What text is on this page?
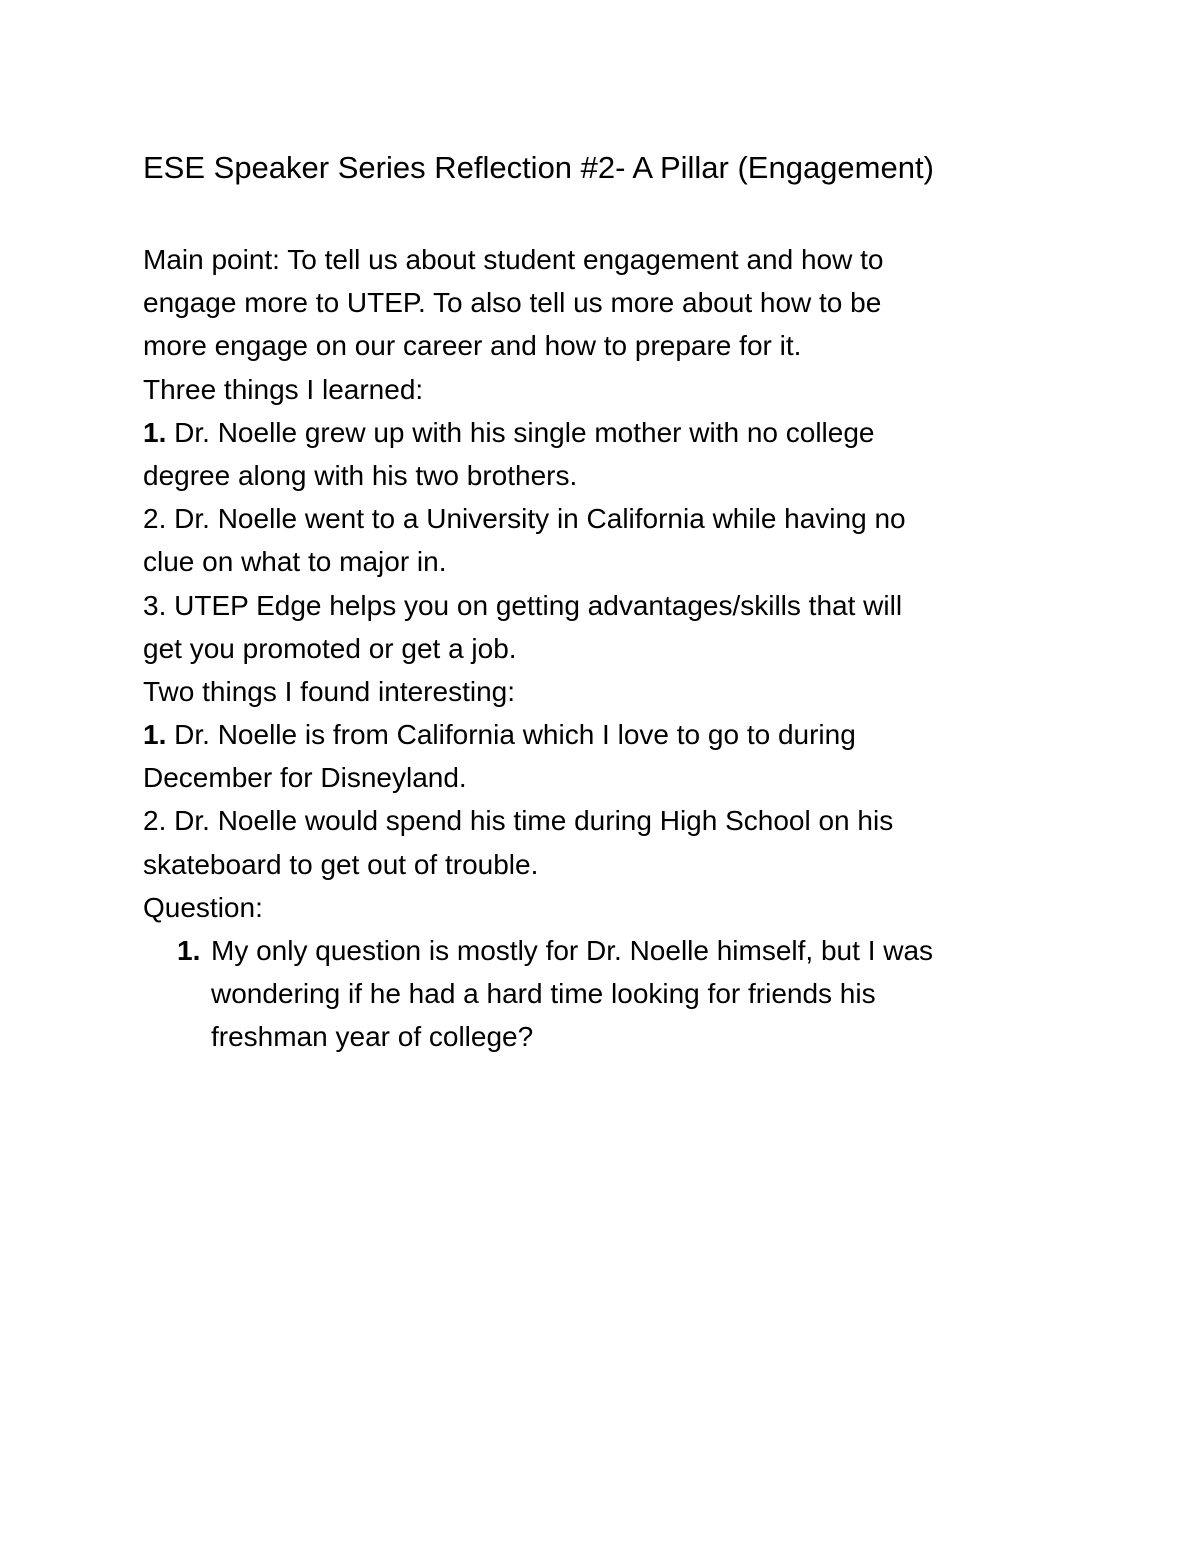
ESE Speaker Series Reflection #2- A Pillar (Engagement)
Main point: To tell us about student engagement and how to
engage more to UTEP. To also tell us more about how to be
more engage on our career and how to prepare for it.
Three things I learned:
1. Dr. Noelle grew up with his single mother with no college
degree along with his two brothers.
2. Dr. Noelle went to a University in California while having no
clue on what to major in.
3. UTEP Edge helps you on getting advantages/skills that will
get you promoted or get a job.
Two things I found interesting:
1. Dr. Noelle is from California which I love to go to during
December for Disneyland.
2. Dr. Noelle would spend his time during High School on his
skateboard to get out of trouble.
Question:
1. My only question is mostly for Dr. Noelle himself, but I was
wondering if he had a hard time looking for friends his
freshman year of college?
